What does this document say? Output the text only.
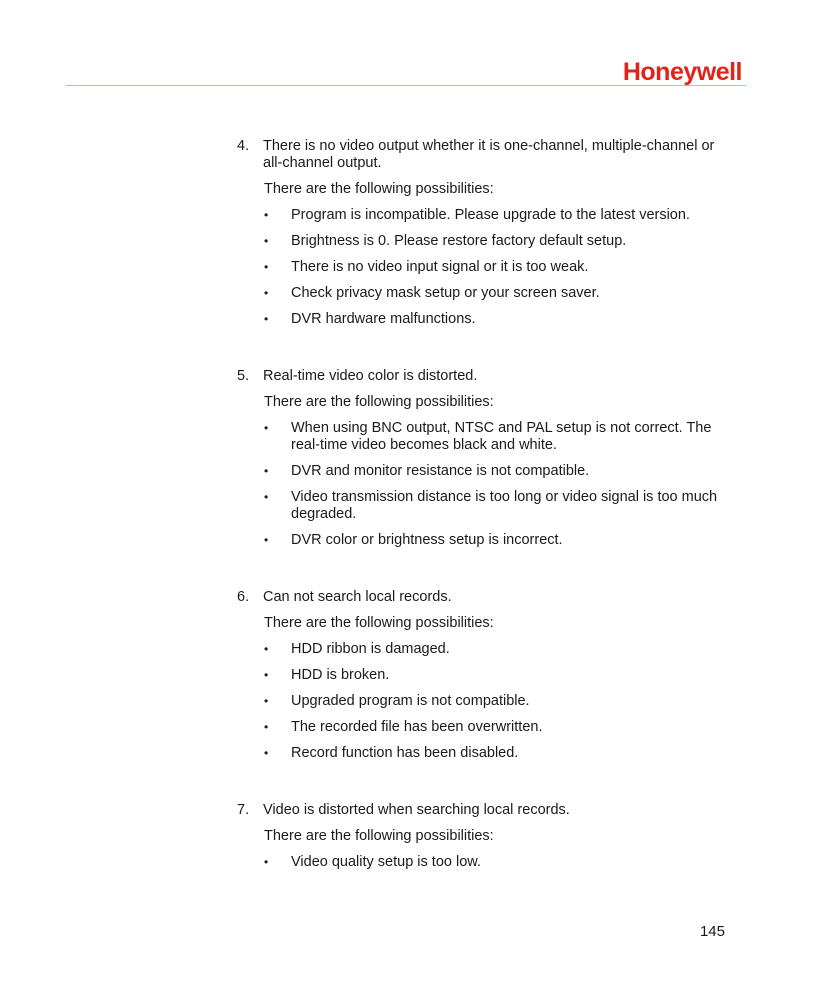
Honeywell
4. There is no video output whether it is one-channel, multiple-channel or all-channel output.
There are the following possibilities:
• Program is incompatible. Please upgrade to the latest version.
• Brightness is 0. Please restore factory default setup.
• There is no video input signal or it is too weak.
• Check privacy mask setup or your screen saver.
• DVR hardware malfunctions.
5. Real-time video color is distorted.
There are the following possibilities:
• When using BNC output, NTSC and PAL setup is not correct. The real-time video becomes black and white.
• DVR and monitor resistance is not compatible.
• Video transmission distance is too long or video signal is too much degraded.
• DVR color or brightness setup is incorrect.
6. Can not search local records.
There are the following possibilities:
• HDD ribbon is damaged.
• HDD is broken.
• Upgraded program is not compatible.
• The recorded file has been overwritten.
• Record function has been disabled.
7. Video is distorted when searching local records.
There are the following possibilities:
• Video quality setup is too low.
145
